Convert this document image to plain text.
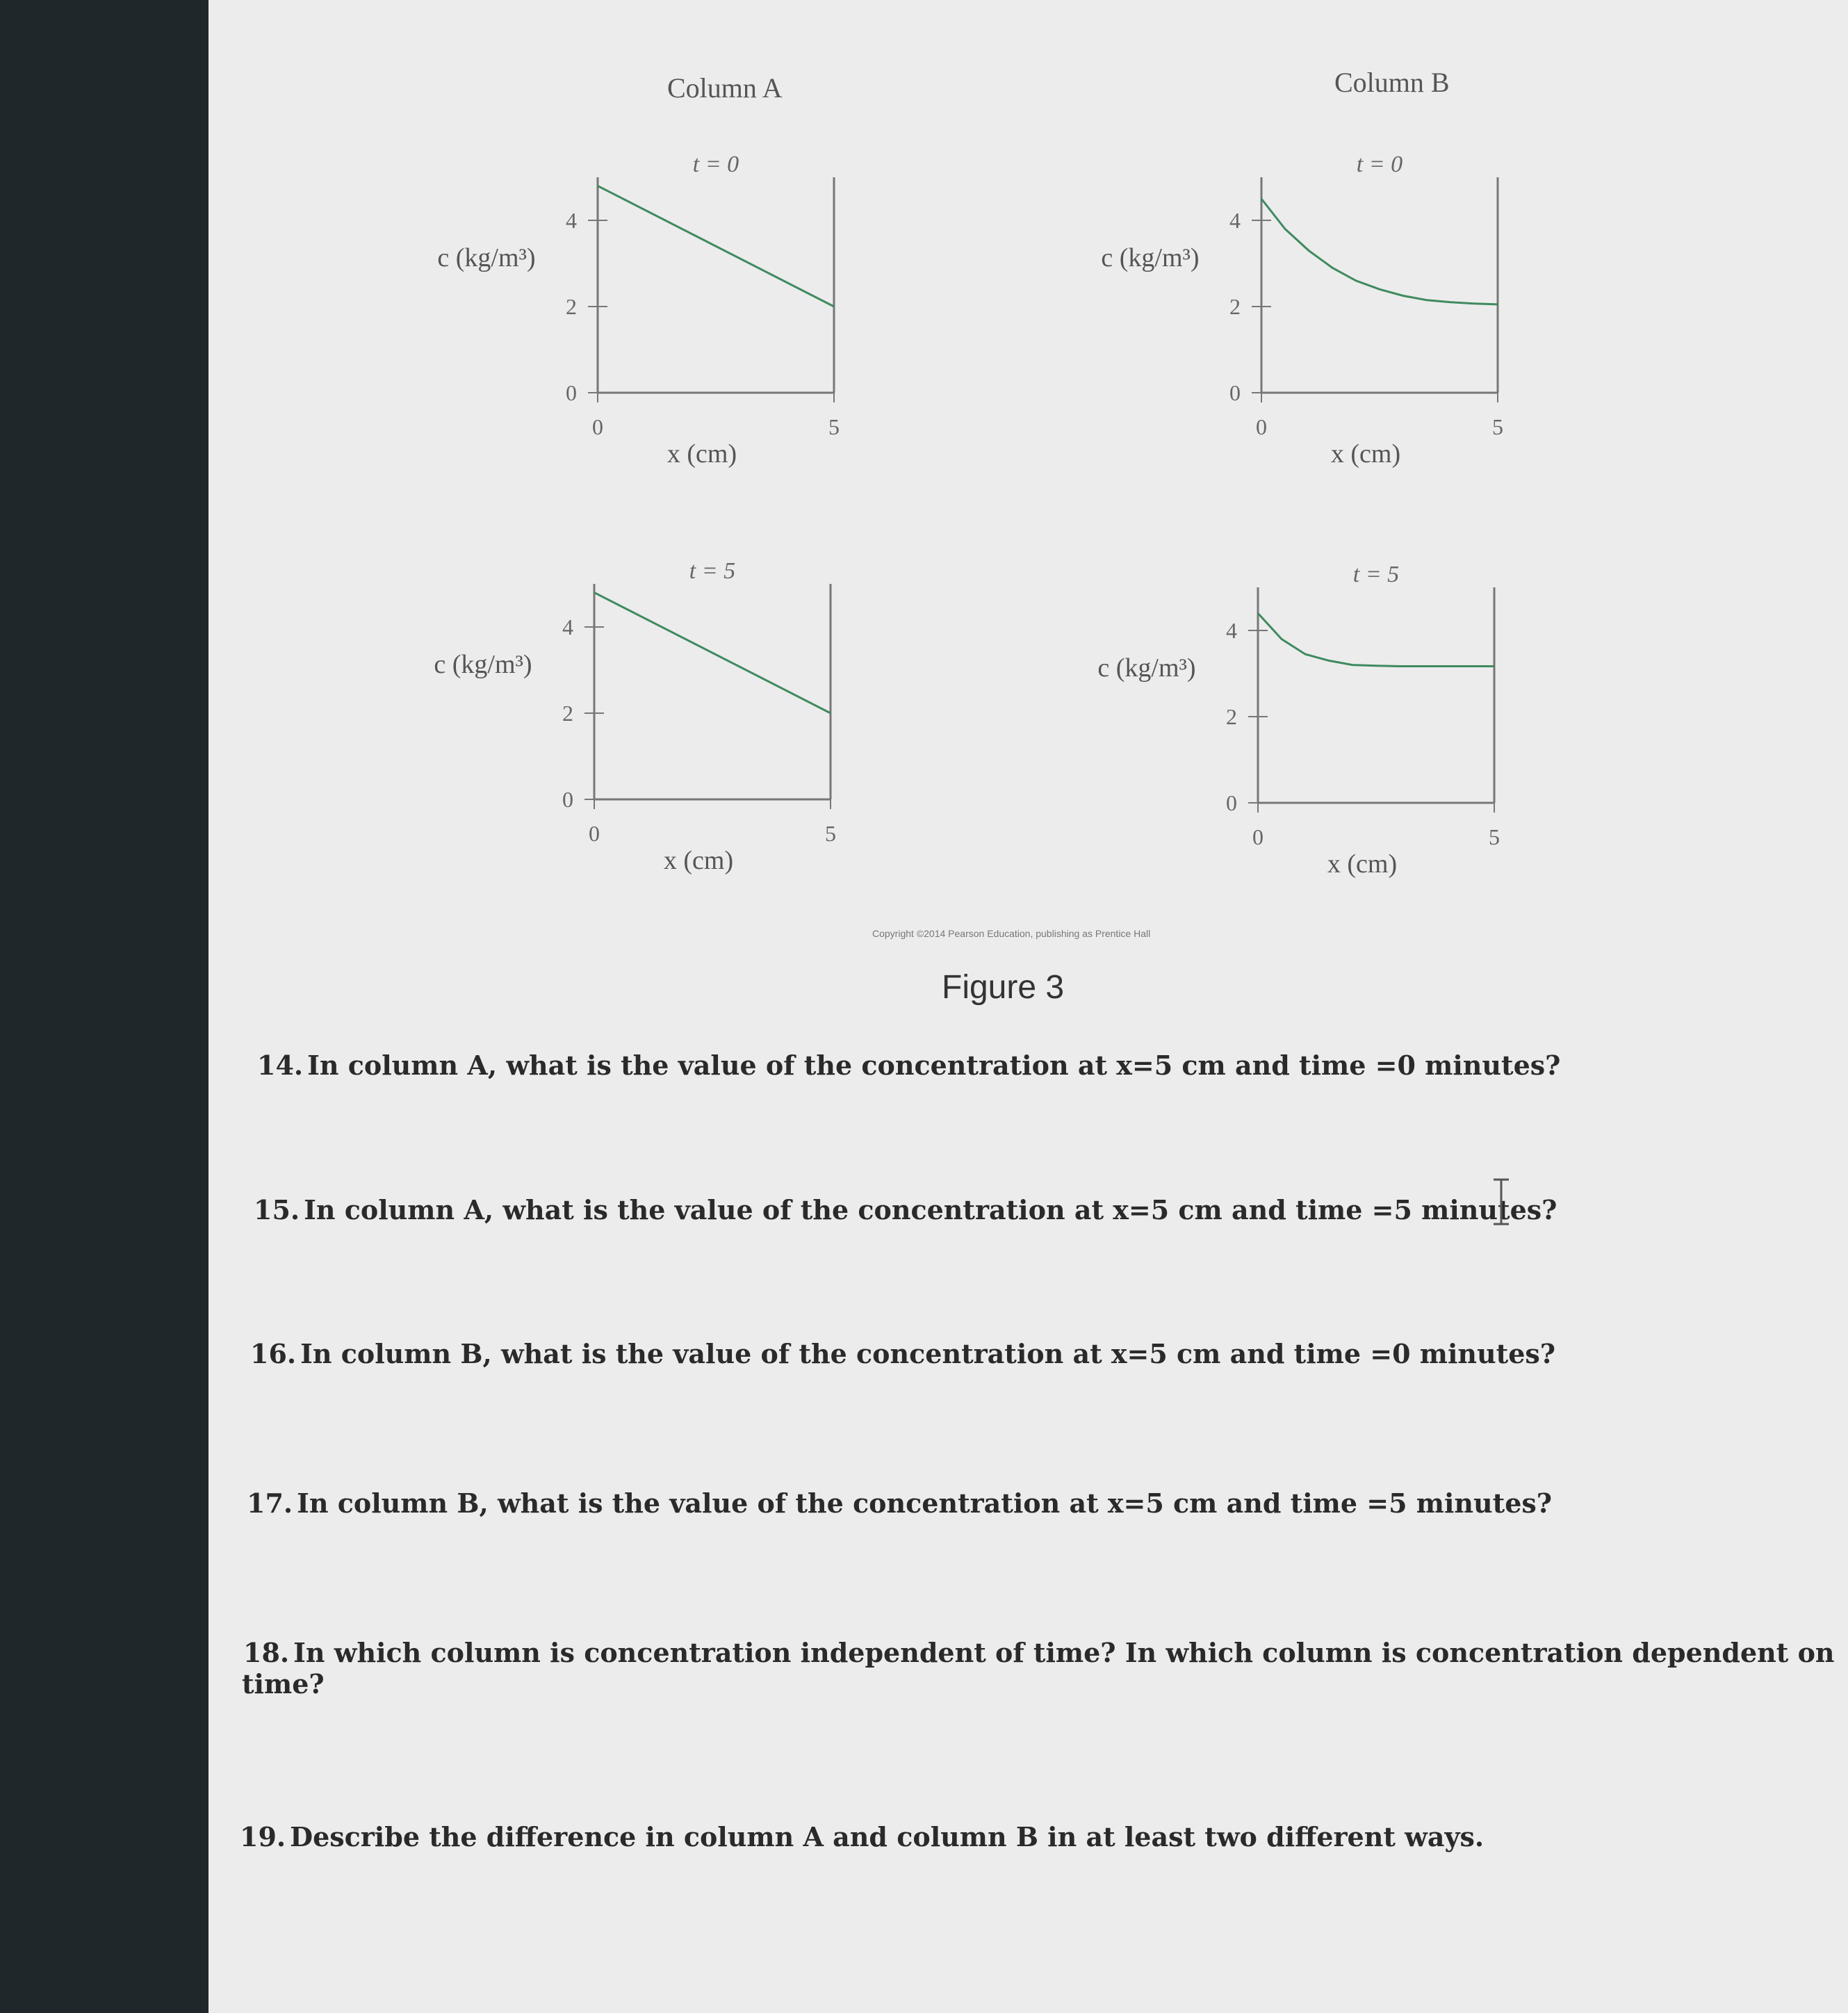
Column A	Column B
t = 0
0
2
4
0	5
c (kg/m³)
x (cm)
t = 0
0
2
4
0	5
c (kg/m³)
x (cm)
t = 5
0
2
4
0	5
c (kg/m³)
x (cm)
t = 5
0
2
4
0	5
c (kg/m³)
x (cm)
Copyright ©2014 Pearson Education, publishing as Prentice Hall
Figure 3
14. In column A, what is the value of the concentration at x=5 cm and time =0 minutes?
15. In column A, what is the value of the concentration at x=5 cm and time =5 minutes?
16. In column B, what is the value of the concentration at x=5 cm and time =0 minutes?
17. In column B, what is the value of the concentration at x=5 cm and time =5 minutes?
18. In which column is concentration independent of time? In which column is concentration dependent on
time?
19. Describe the difference in column A and column B in at least two different ways.
